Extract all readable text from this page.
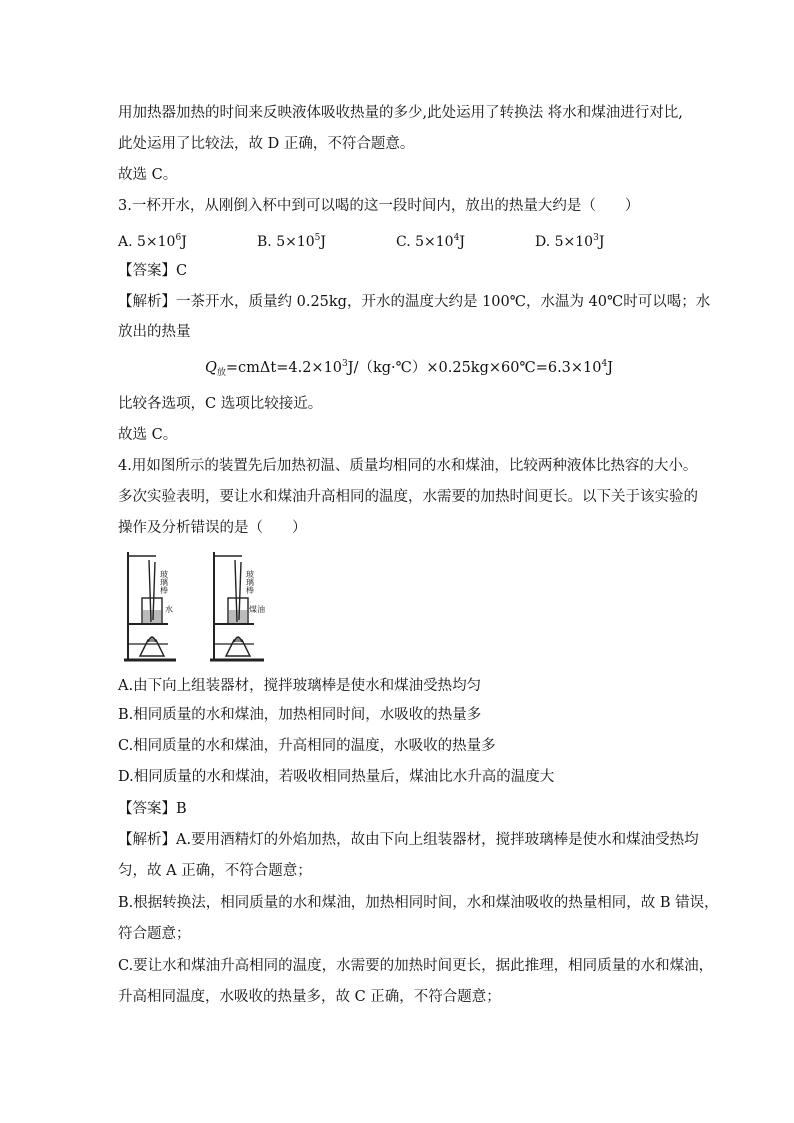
用加热器加热的时间来反映液体吸收热量的多少,此处运用了转换法 将水和煤油进行对比,
此处运用了比较法，故 D 正确，不符合题意。
故选 C。
3.一杯开水，从刚倒入杯中到可以喝的这一段时间内，放出的热量大约是（　　）
A. $5\times 10^6J$	B. $5\times 10^5J$	C. $5\times 10^4J$	D. $5\times 10^3J$
【答案】C
【解析】一茶开水，质量约 0.25kg，开水的温度大约是 100℃，水温为 40℃时可以喝；水
放出的热量
$Q_放=cm\Delta t=4.2\times 10^3J/(kg\cdot℃)\times 0.25kg\times 60℃=6.3\times 10^4J$
比较各选项，C 选项比较接近。
故选 C。
4.用如图所示的装置先后加热初温、质量均相同的水和煤油，比较两种液体比热容的大小。
多次实验表明，要让水和煤油升高相同的温度，水需要的加热时间更长。以下关于该实验的
操作及分析错误的是（　　）
玻璃棒
水
玻璃棒
煤油
A.由下向上组装器材，搅拌玻璃棒是使水和煤油受热均匀
B.相同质量的水和煤油，加热相同时间，水吸收的热量多
C.相同质量的水和煤油，升高相同的温度，水吸收的热量多
D.相同质量的水和煤油，若吸收相同热量后，煤油比水升高的温度大
【答案】B
【解析】A.要用酒精灯的外焰加热，故由下向上组装器材，搅拌玻璃棒是使水和煤油受热均
匀，故 A 正确，不符合题意；
B.根据转换法，相同质量的水和煤油，加热相同时间，水和煤油吸收的热量相同，故 B 错误，
符合题意；
C.要让水和煤油升高相同的温度，水需要的加热时间更长，据此推理，相同质量的水和煤油，
升高相同温度，水吸收的热量多，故 C 正确，不符合题意；
